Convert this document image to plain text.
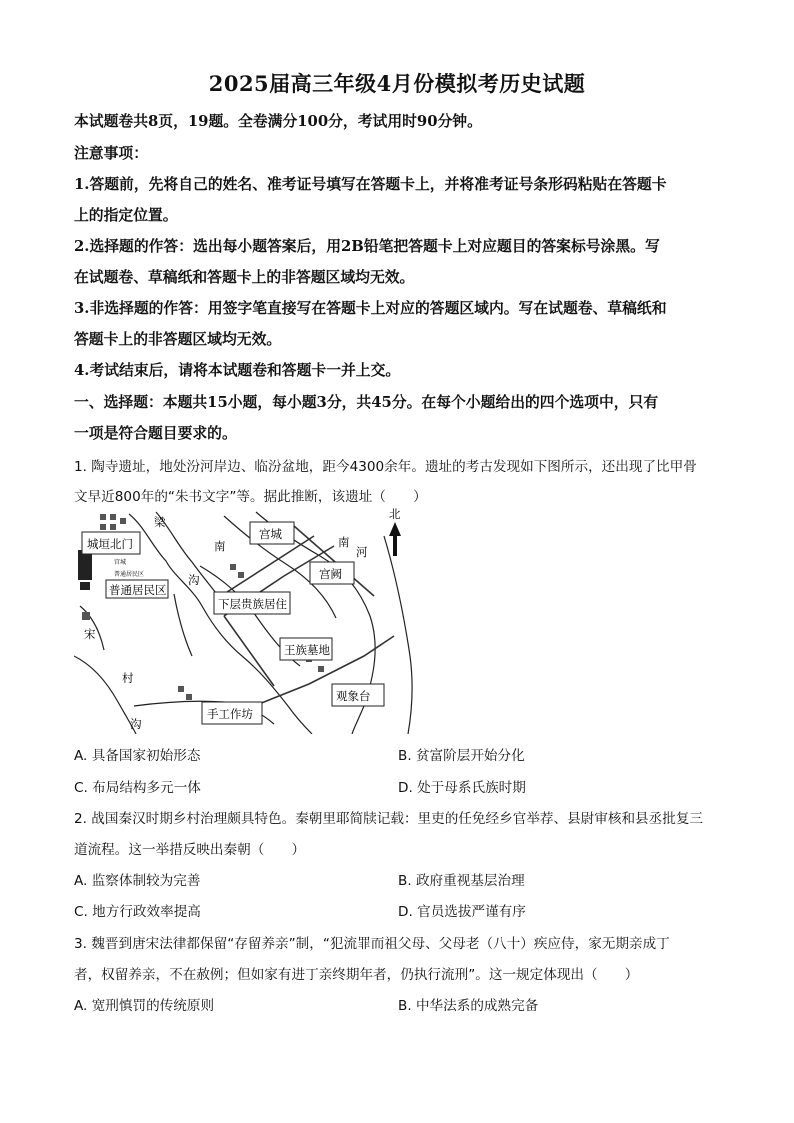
2025届高三年级4月份模拟考历史试题
本试题卷共8页，19题。全卷满分100分，考试用时90分钟。
注意事项：
1.答题前，先将自己的姓名、准考证号填写在答题卡上，并将准考证号条形码粘贴在答题卡
上的指定位置。
2.选择题的作答：选出每小题答案后，用2B铅笔把答题卡上对应题目的答案标号涂黑。写
在试题卷、草稿纸和答题卡上的非答题区域均无效。
3.非选择题的作答：用签字笔直接写在答题卡上对应的答题区域内。写在试题卷、草稿纸和
答题卡上的非答题区域均无效。
4.考试结束后，请将本试题卷和答题卡一并上交。
一、选择题：本题共15小题，每小题3分，共45分。在每个小题给出的四个选项中，只有
一项是符合题目要求的。
1. 陶寺遗址，地处汾河岸边、临汾盆地，距今4300余年。遗址的考古发现如下图所示，还出现了比甲骨
文早近800年的“朱书文字”等。据此推断，该遗址（　　）
宫城
普通居民区
梁
南	河
南
沟
宋
村
沟
城垣北门
宫城
宫阙
普通居民区
下层贵族居住
王族墓地
观象台
手工作坊
北
A. 具备国家初始形态	B. 贫富阶层开始分化
C. 布局结构多元一体	D. 处于母系氏族时期
2. 战国秦汉时期乡村治理颇具特色。秦朝里耶简牍记载：里吏的任免经乡官举荐、县尉审核和县丞批复三
道流程。这一举措反映出秦朝（　　）
A. 监察体制较为完善	B. 政府重视基层治理
C. 地方行政效率提高	D. 官员选拔严谨有序
3. 魏晋到唐宋法律都保留“存留养亲”制，“犯流罪而祖父母、父母老（八十）疾应侍，家无期亲成丁
者，权留养亲，不在赦例；但如家有进丁亲终期年者，仍执行流刑”。这一规定体现出（　　）
A. 宽刑慎罚的传统原则	B. 中华法系的成熟完备
